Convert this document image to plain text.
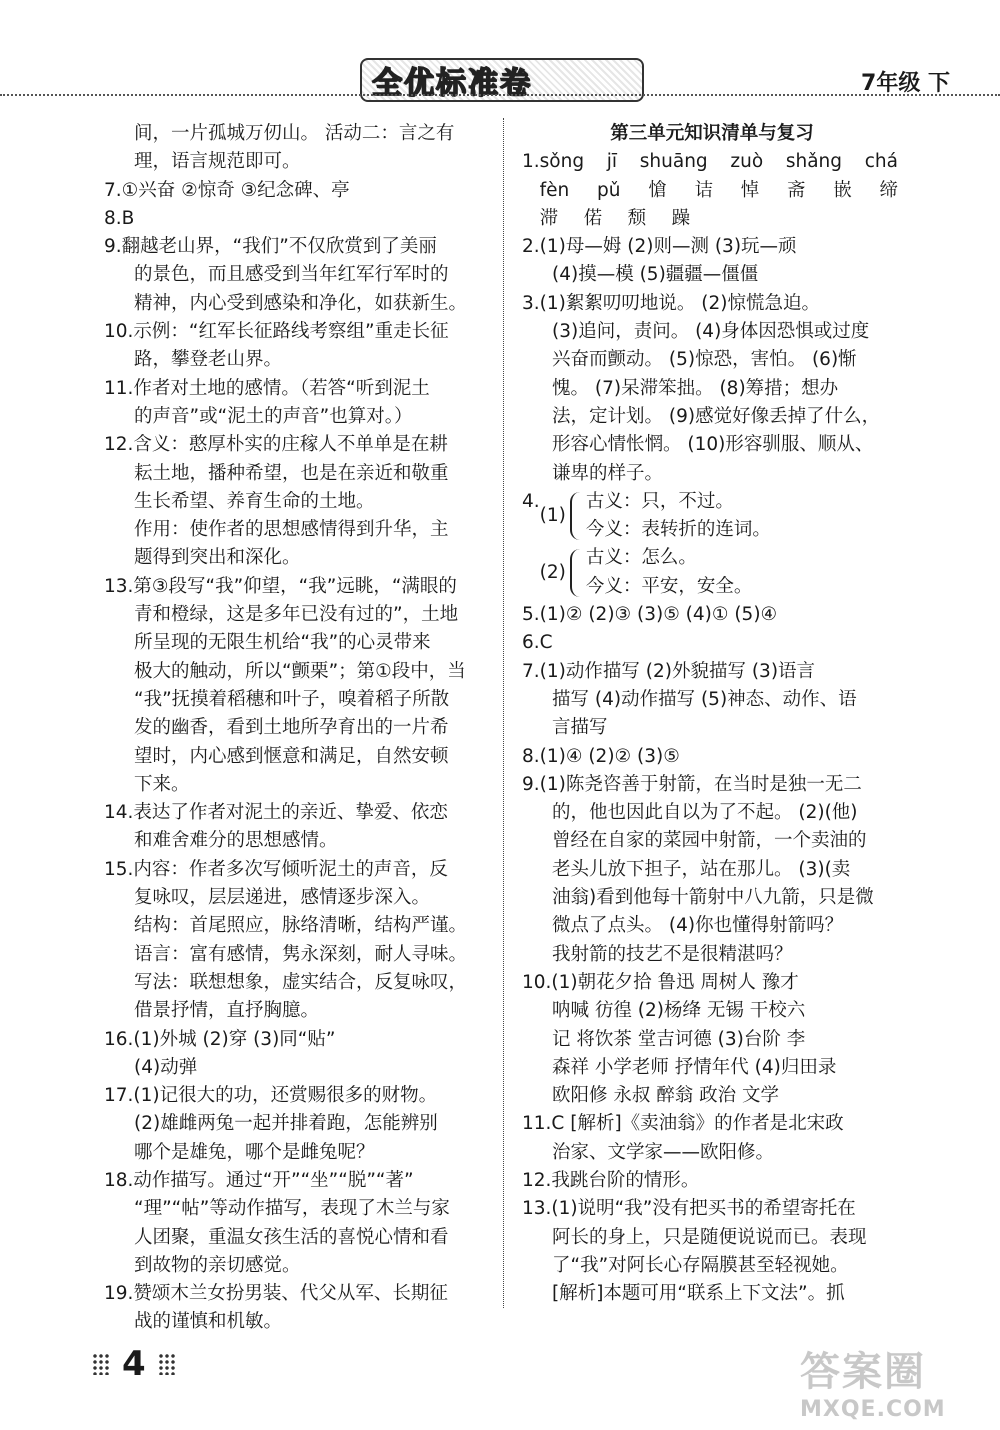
全优标准卷	7年级 下
间，一片孤城万仞山。 活动二：言之有
理，语言规范即可。
7. ①兴奋 ②惊奇 ③纪念碑、亭
8. B
9. 翻越老山界，“我们”不仅欣赏到了美丽
的景色，而且感受到当年红军行军时的
精神，内心受到感染和净化，如获新生。
10. 示例：“红军长征路线考察组”重走长征
路，攀登老山界。
11. 作者对土地的感情。（若答“听到泥土
的声音”或“泥土的声音”也算对。）
12. 含义：憨厚朴实的庄稼人不单单是在耕
耘土地，播种希望，也是在亲近和敬重
生长希望、养育生命的土地。
作用：使作者的思想感情得到升华，主
题得到突出和深化。
13. 第③段写“我”仰望，“我”远眺，“满眼的
青和橙绿，这是多年已没有过的”，土地
所呈现的无限生机给“我”的心灵带来
极大的触动，所以“颤栗”；第①段中，当
“我”抚摸着稻穗和叶子，嗅着稻子所散
发的幽香，看到土地所孕育出的一片希
望时，内心感到惬意和满足，自然安顿
下来。
14. 表达了作者对泥土的亲近、挚爱、依恋
和难舍难分的思想感情。
15. 内容：作者多次写倾听泥土的声音，反
复咏叹，层层递进，感情逐步深入。
结构：首尾照应，脉络清晰，结构严谨。
语言：富有感情，隽永深刻，耐人寻味。
写法：联想想象，虚实结合，反复咏叹，
借景抒情，直抒胸臆。
16. (1)外城 (2)穿 (3)同“贴”
(4)动弹
17. (1)记很大的功，还赏赐很多的财物。
(2)雄雌两兔一起并排着跑，怎能辨别
哪个是雄兔，哪个是雌兔呢？
18. 动作描写。通过“开”“坐”“脱”“著”
“理”“帖”等动作描写，表现了木兰与家
人团聚，重温女孩生活的喜悦心情和看
到故物的亲切感觉。
19. 赞颂木兰女扮男装、代父从军、长期征
战的谨慎和机敏。
第三单元知识清单与复习
1. sǒng jī shuāng zuò shǎng chá
fèn pǔ 愴 诘 悼 斋 嵌 缔
滞	偌	颓	躁
2. (1)母—姆 (2)则—测 (3)玩—顽
(4)摸—模 (5)疆疆—僵僵
3. (1)絮絮叨叨地说。 (2)惊慌急迫。
(3)追问，责问。 (4)身体因恐惧或过度
兴奋而颤动。 (5)惊恐，害怕。 (6)惭
愧。 (7)呆滞笨拙。 (8)筹措；想办
法，定计划。 (9)感觉好像丢掉了什么，
形容心情怅惘。 (10)形容驯服、顺从、
谦卑的样子。
4.
(1)
古义：只，不过。
今义：表转折的连词。
(2)
古义：怎么。
今义：平安，安全。
5. (1)② (2)③ (3)⑤ (4)① (5)④
6. C
7. (1)动作描写 (2)外貌描写 (3)语言
描写 (4)动作描写 (5)神态、动作、语
言描写
8. (1)④ (2)② (3)⑤
9. (1)陈尧咨善于射箭，在当时是独一无二
的，他也因此自以为了不起。 (2)(他)
曾经在自家的菜园中射箭，一个卖油的
老头儿放下担子，站在那儿。 (3)(卖
油翁)看到他每十箭射中八九箭，只是微
微点了点头。 (4)你也懂得射箭吗？
我射箭的技艺不是很精湛吗？
10. (1)朝花夕拾 鲁迅 周树人 豫才
呐喊 彷徨 (2)杨绛 无锡 干校六
记 将饮茶 堂吉诃德 (3)台阶 李
森祥 小学老师 抒情年代 (4)归田录
欧阳修 永叔 醉翁 政治 文学
11. C [解析]《卖油翁》的作者是北宋政
治家、文学家——欧阳修。
12. 我跳台阶的情形。
13. (1)说明“我”没有把买书的希望寄托在
阿长的身上，只是随便说说而已。表现
了“我”对阿长心存隔膜甚至轻视她。
[解析]本题可用“联系上下文法”。抓
4	答案圈
MXQE.COM
